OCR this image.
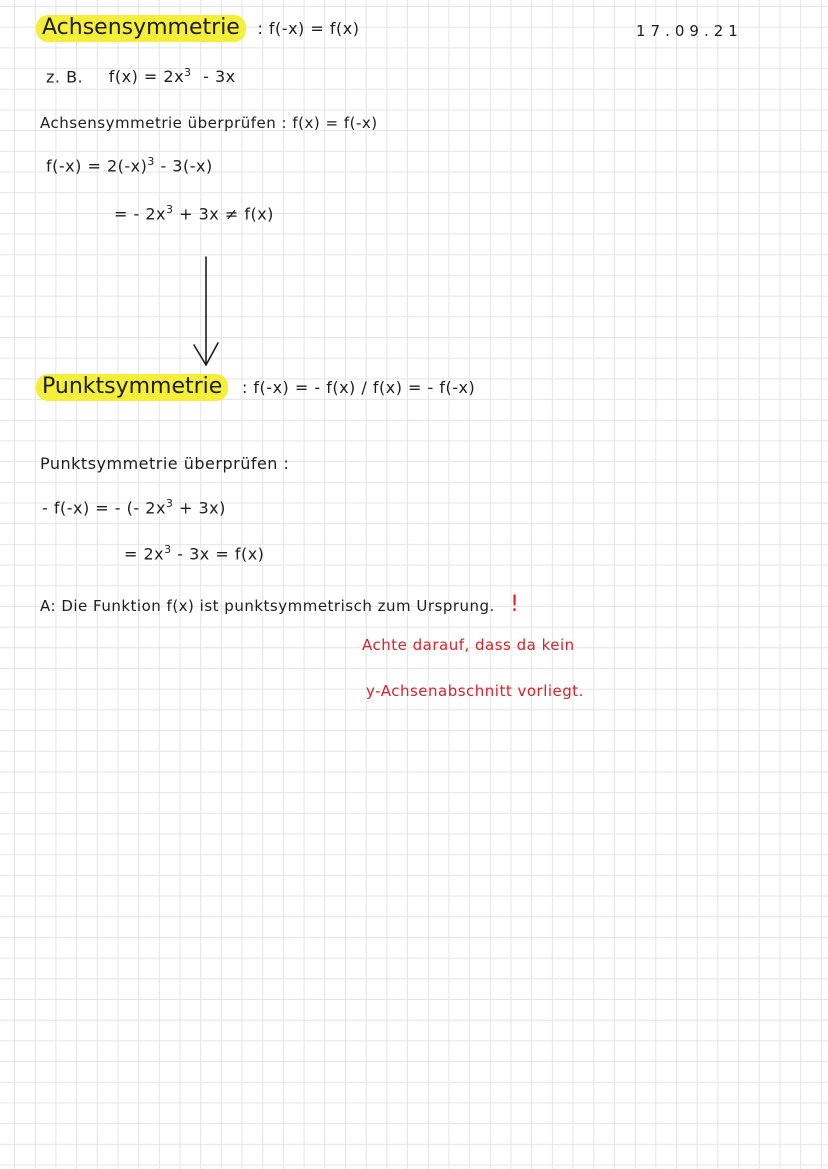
Achsensymmetrie : f(-x) = f(x)	17.09.21
z. B. $f(x) = 2x^3 - 3x$
Achsensymmetrie überprüfen : f(x) = f(-x)
$f(-x) = 2(-x)^3 - 3(-x)$
= - $2x^3 + 3x \ne f(x)$
Punktsymmetrie : f(-x) = - f(x) / f(x) = - f(-x)
Punktsymmetrie überprüfen :
- f(-x) = - (- $2x^3 + 3x$)
= $2x^3 - 3x = f(x)$
A: Die Funktion f(x) ist punktsymmetrisch zum Ursprung. !
Achte darauf, dass da kein
y-Achsenabschnitt vorliegt.
